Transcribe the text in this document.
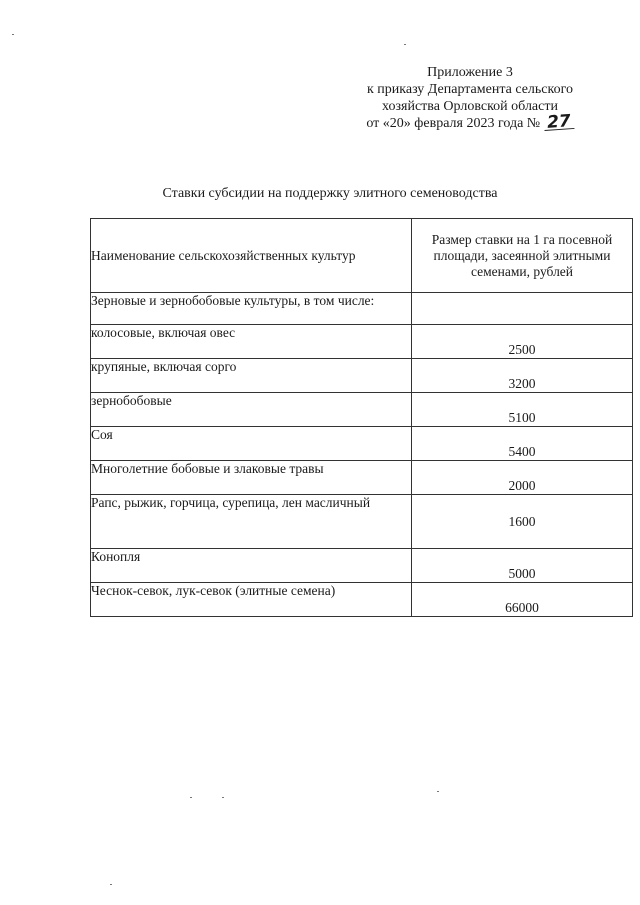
Приложение 3
к приказу Департамента сельского
хозяйства Орловской области
от «20» февраля 2023 года № 27
Ставки субсидии на поддержку элитного семеноводства
Наименование сельскохозяйственных культур	Размер ставки на 1 га посевной площади, засеянной элитными семенами, рублей
Зерновые и зернобобовые культуры, в том числе:	
колосовые, включая овес	2500
крупяные, включая сорго	3200
зернобобовые	5100
Соя	5400
Многолетние бобовые и злаковые травы	2000
Рапс, рыжик, горчица, сурепица, лен масличный	1600
Конопля	5000
Чеснок-севок, лук-севок (элитные семена)	66000
